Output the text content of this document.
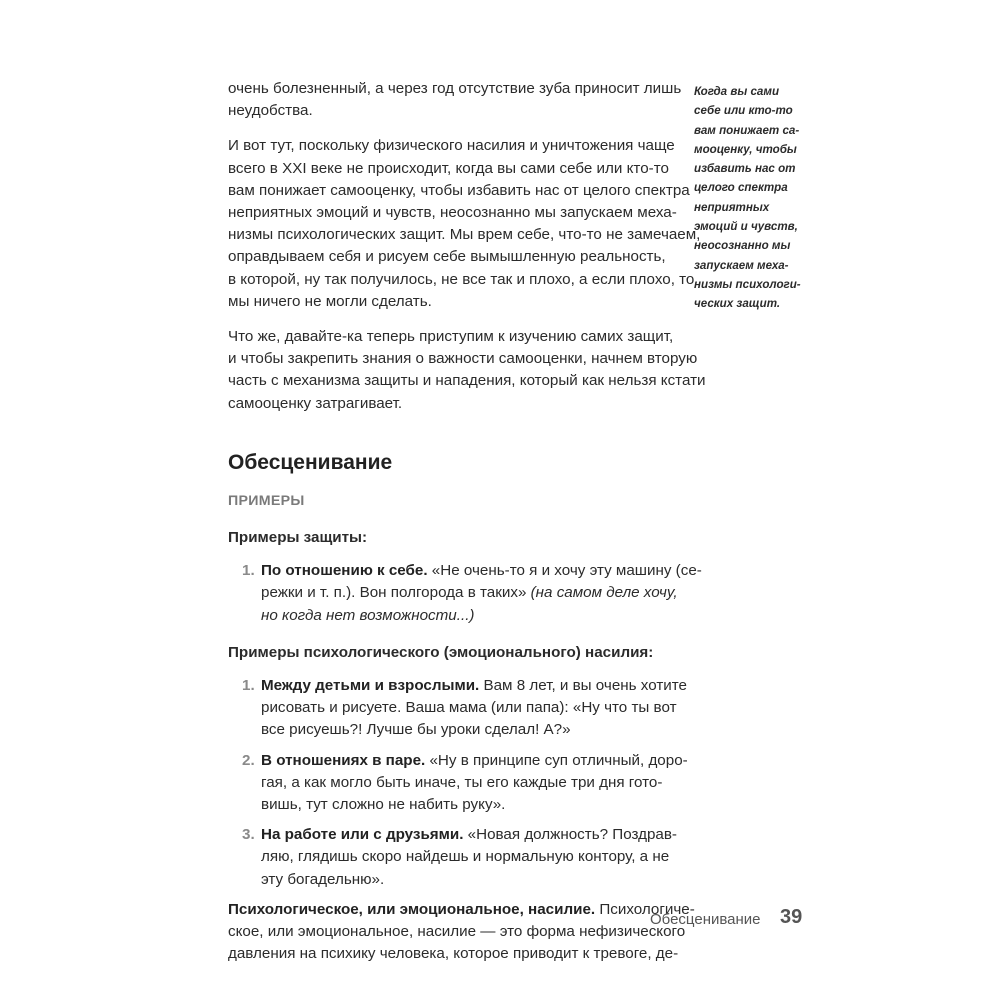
очень болезненный, а через год отсутствие зуба приносит лишь
неудобства.

И вот тут, поскольку физического насилия и уничтожения чаще
всего в XXI веке не происходит, когда вы сами себе или кто-то
вам понижает самооценку, чтобы избавить нас от целого спектра
неприятных эмоций и чувств, неосознанно мы запускаем меха-
низмы психологических защит. Мы врем себе, что-то не замечаем,
оправдываем себя и рисуем себе вымышленную реальность,
в которой, ну так получилось, не все так и плохо, а если плохо, то
мы ничего не могли сделать.

Что же, давайте-ка теперь приступим к изучению самих защит,
и чтобы закрепить знания о важности самооценки, начнем вторую
часть с механизма защиты и нападения, который как нельзя кстати
самооценку затрагивает.

Обесценивание
ПРИМЕРЫ
Примеры защиты:
1. По отношению к себе. «Не очень-то я и хочу эту машину (се-
режки и т. п.). Вон полгорода в таких» (на самом деле хочу,
но когда нет возможности...)
Примеры психологического (эмоционального) насилия:
1. Между детьми и взрослыми. Вам 8 лет, и вы очень хотите
рисовать и рисуете. Ваша мама (или папа): «Ну что ты вот
все рисуешь?! Лучше бы уроки сделал! А?»
2. В отношениях в паре. «Ну в принципе суп отличный, доро-
гая, а как могло быть иначе, ты его каждые три дня гото-
вишь, тут сложно не набить руку».
3. На работе или с друзьями. «Новая должность? Поздрав-
ляю, глядишь скоро найдешь и нормальную контору, а не
эту богадельню».

Психологическое, или эмоциональное, насилие. Психологиче-
ское, или эмоциональное, насилие — это форма нефизического
давления на психику человека, которое приводит к тревоге, де-

Когда вы сами
себе или кто-то
вам понижает са-
мооценку, чтобы
избавить нас от
целого спектра
неприятных
эмоций и чувств,
неосознанно мы
запускаем меха-
низмы психологи-
ческих защит.
Обесценивание 39
